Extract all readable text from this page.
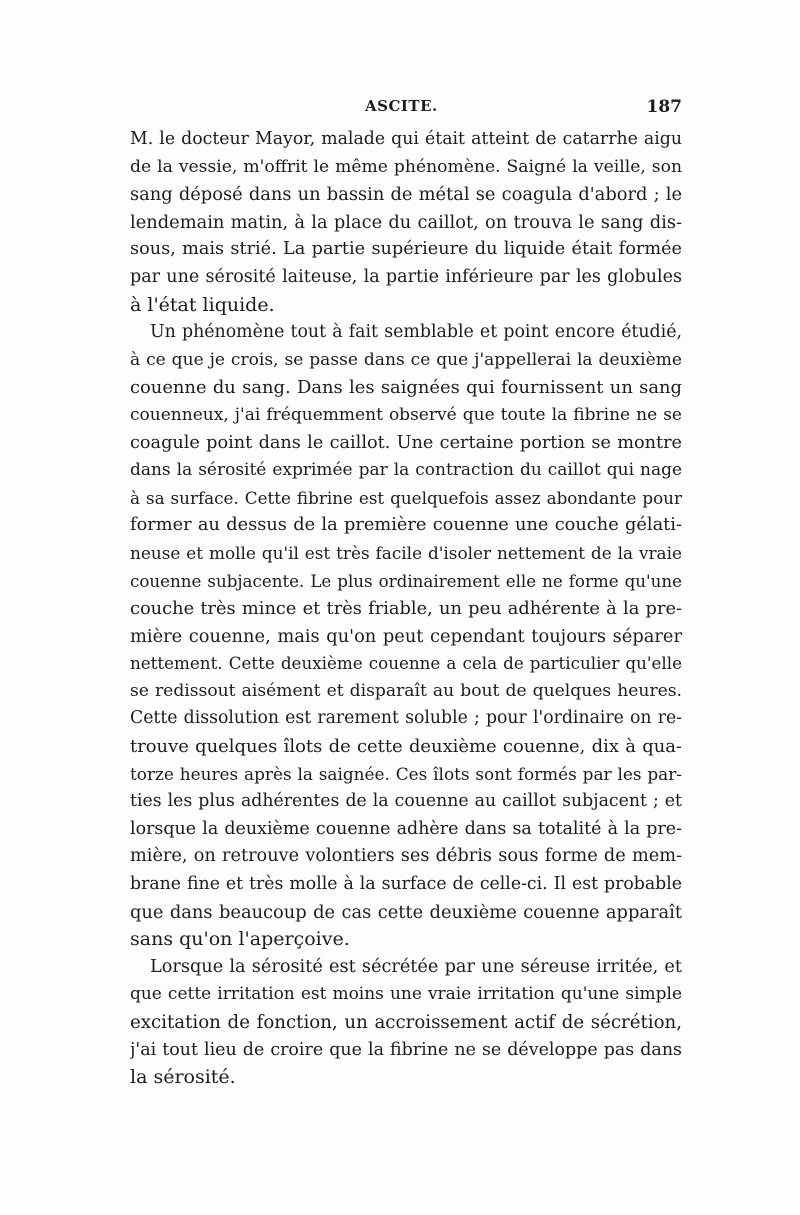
ASCITE.	187
M. le docteur Mayor, malade qui était atteint de catarrhe aigu
de la vessie, m'offrit le même phénomène. Saigné la veille, son
sang déposé dans un bassin de métal se coagula d'abord ; le
lendemain matin, à la place du caillot, on trouva le sang dis-
sous, mais strié. La partie supérieure du liquide était formée
par une sérosité laiteuse, la partie inférieure par les globules
à l'état liquide.
Un phénomène tout à fait semblable et point encore étudié,
à ce que je crois, se passe dans ce que j'appellerai la deuxième
couenne du sang. Dans les saignées qui fournissent un sang
couenneux, j'ai fréquemment observé que toute la fibrine ne se
coagule point dans le caillot. Une certaine portion se montre
dans la sérosité exprimée par la contraction du caillot qui nage
à sa surface. Cette fibrine est quelquefois assez abondante pour
former au dessus de la première couenne une couche gélati-
neuse et molle qu'il est très facile d'isoler nettement de la vraie
couenne subjacente. Le plus ordinairement elle ne forme qu'une
couche très mince et très friable, un peu adhérente à la pre-
mière couenne, mais qu'on peut cependant toujours séparer
nettement. Cette deuxième couenne a cela de particulier qu'elle
se redissout aisément et disparaît au bout de quelques heures.
Cette dissolution est rarement soluble ; pour l'ordinaire on re-
trouve quelques îlots de cette deuxième couenne, dix à qua-
torze heures après la saignée. Ces îlots sont formés par les par-
ties les plus adhérentes de la couenne au caillot subjacent ; et
lorsque la deuxième couenne adhère dans sa totalité à la pre-
mière, on retrouve volontiers ses débris sous forme de mem-
brane fine et très molle à la surface de celle-ci. Il est probable
que dans beaucoup de cas cette deuxième couenne apparaît
sans qu'on l'aperçoive.
Lorsque la sérosité est sécrétée par une séreuse irritée, et
que cette irritation est moins une vraie irritation qu'une simple
excitation de fonction, un accroissement actif de sécrétion,
j'ai tout lieu de croire que la fibrine ne se développe pas dans
la sérosité.
